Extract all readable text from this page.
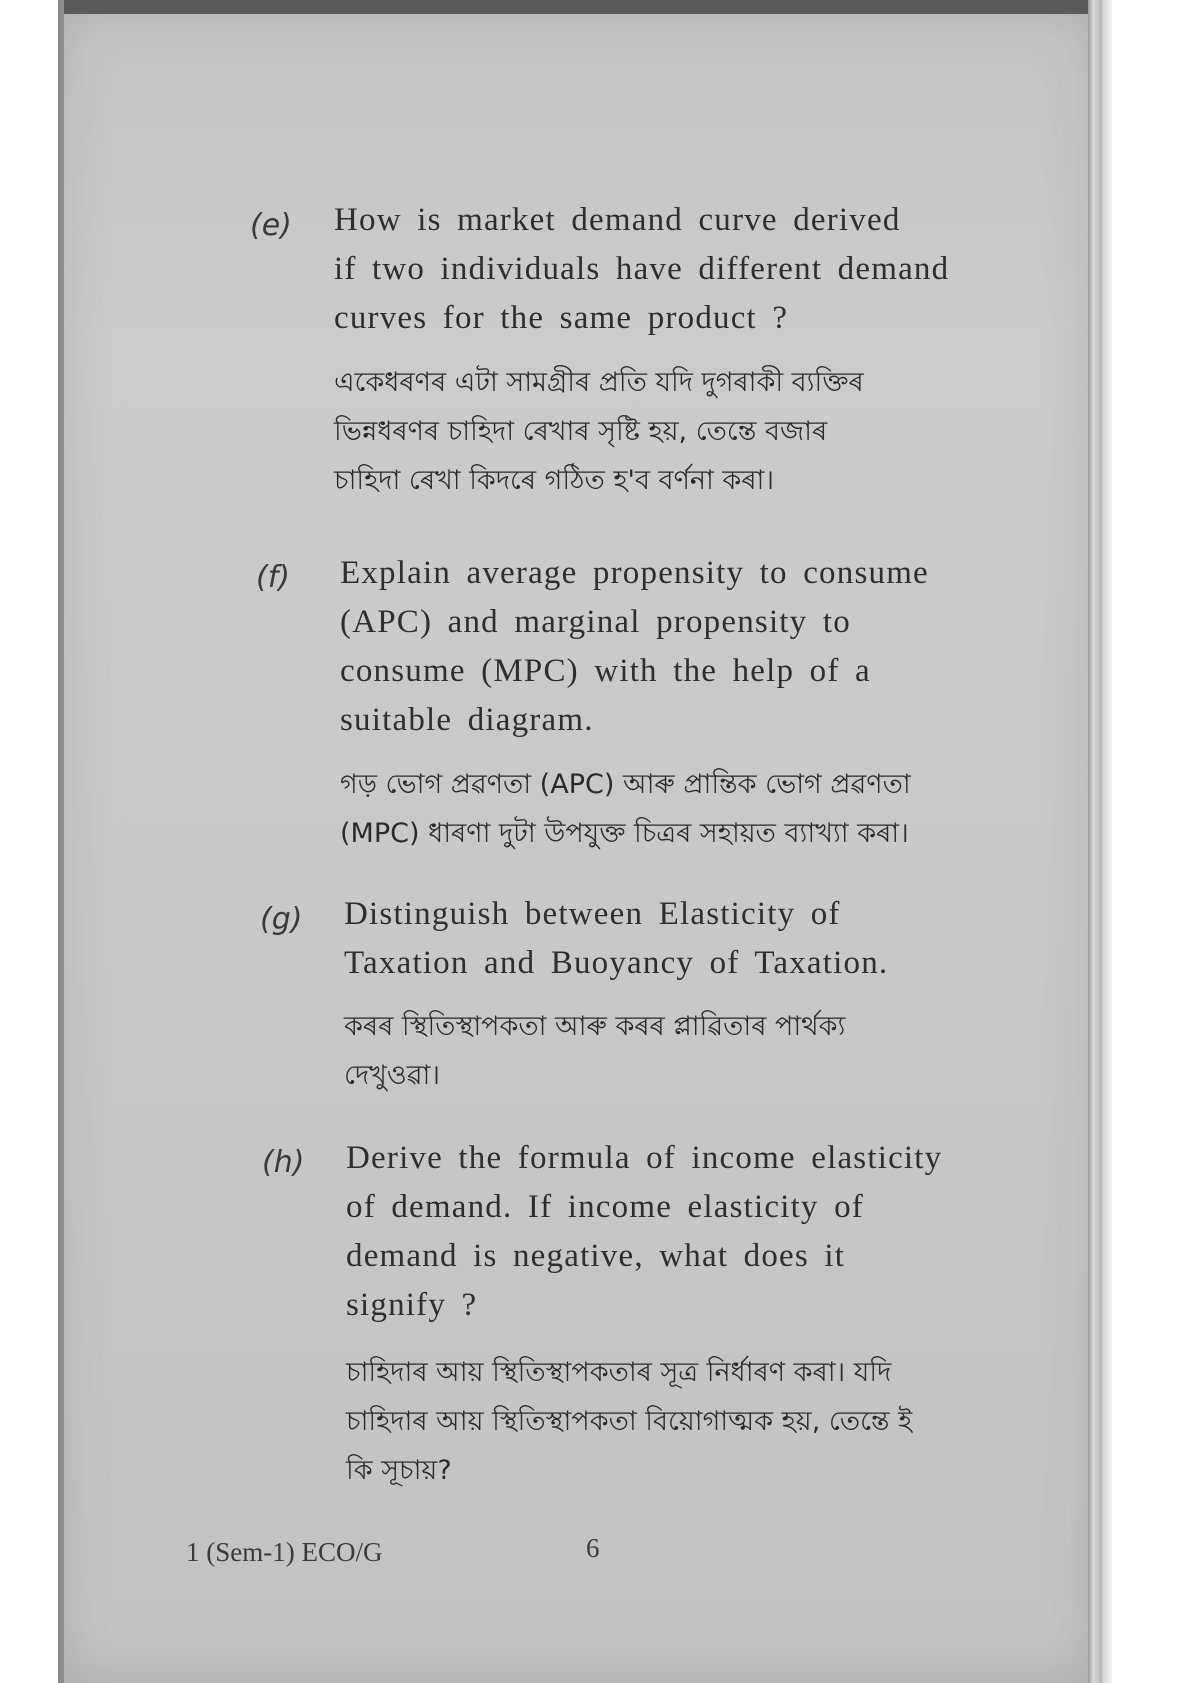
(e) How is market demand curve derived
if two individuals have different demand
curves for the same product ?

একেধৰণৰ এটা সামগ্ৰীৰ প্ৰতি যদি দুগৰাকী ব্যক্তিৰ
ভিন্নধৰণৰ চাহিদা ৰেখাৰ সৃষ্টি হয়, তেন্তে বজাৰ
চাহিদা ৰেখা কিদৰে গঠিত হ'ব বৰ্ণনা কৰা।

(f) Explain average propensity to consume
(APC) and marginal propensity to
consume (MPC) with the help of a
suitable diagram.

গড় ভোগ প্ৰৱণতা (APC) আৰু প্ৰান্তিক ভোগ প্ৰৱণতা
(MPC) ধাৰণা দুটা উপযুক্ত চিত্ৰৰ সহায়ত ব্যাখ্যা কৰা।

(g) Distinguish between Elasticity of
Taxation and Buoyancy of Taxation.

কৰৰ স্থিতিস্থাপকতা আৰু কৰৰ প্লাৱিতাৰ পাৰ্থক্য
দেখুওৱা।

(h) Derive the formula of income elasticity
of demand. If income elasticity of
demand is negative, what does it
signify ?

চাহিদাৰ আয় স্থিতিস্থাপকতাৰ সূত্ৰ নিৰ্ধাৰণ কৰা। যদি
চাহিদাৰ আয় স্থিতিস্থাপকতা বিয়োগাত্মক হয়, তেন্তে ই
কি সূচায়?

1 (Sem-1) ECO/G	6
